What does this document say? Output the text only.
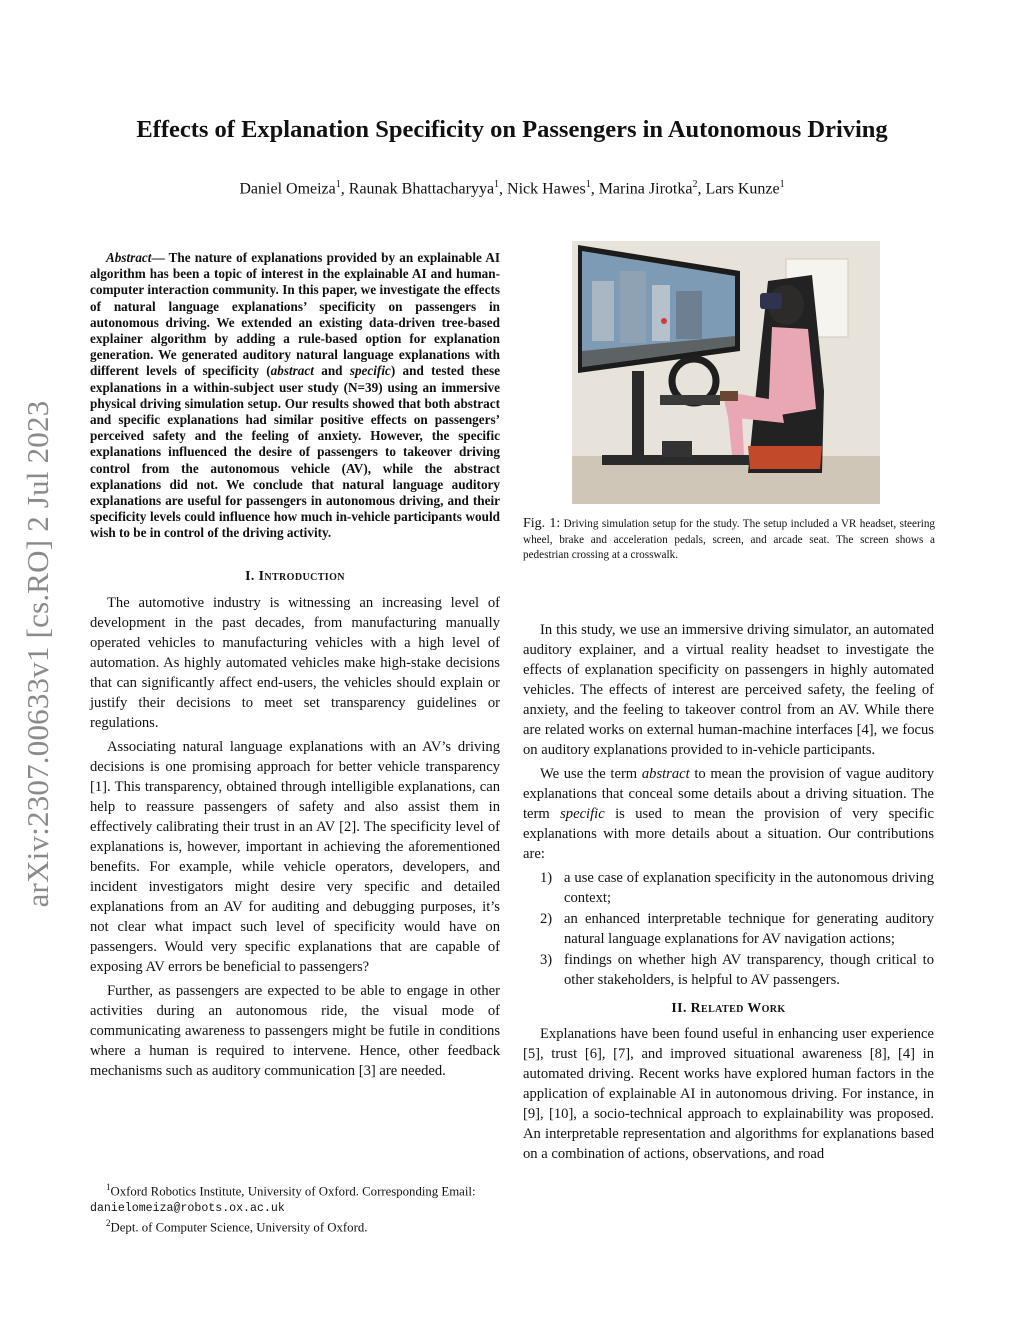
arXiv:2307.00633v1 [cs.RO] 2 Jul 2023
Effects of Explanation Specificity on Passengers in Autonomous Driving
Daniel Omeiza$^1$, Raunak Bhattacharyya$^1$, Nick Hawes$^1$, Marina Jirotka$^2$, Lars Kunze$^1$

Abstract— The nature of explanations provided by an explainable AI algorithm has been a topic of interest in the explainable AI and human-computer interaction community. In this paper, we investigate the effects of natural language explanations’ specificity on passengers in autonomous driving. We extended an existing data-driven tree-based explainer algorithm by adding a rule-based option for explanation generation. We generated auditory natural language explanations with different levels of specificity (abstract and specific) and tested these explanations in a within-subject user study (N=39) using an immersive physical driving simulation setup. Our results showed that both abstract and specific explanations had similar positive effects on passengers’ perceived safety and the feeling of anxiety. However, the specific explanations influenced the desire of passengers to takeover driving control from the autonomous vehicle (AV), while the abstract explanations did not. We conclude that natural language auditory explanations are useful for passengers in autonomous driving, and their specificity levels could influence how much in-vehicle participants would wish to be in control of the driving activity.

I. Introduction

The automotive industry is witnessing an increasing level of development in the past decades, from manufacturing manually operated vehicles to manufacturing vehicles with a high level of automation. As highly automated vehicles make high-stake decisions that can significantly affect end-users, the vehicles should explain or justify their decisions to meet set transparency guidelines or regulations.

Associating natural language explanations with an AV’s driving decisions is one promising approach for better vehicle transparency [1]. This transparency, obtained through intelligible explanations, can help to reassure passengers of safety and also assist them in effectively calibrating their trust in an AV [2]. The specificity level of explanations is, however, important in achieving the aforementioned benefits. For example, while vehicle operators, developers, and incident investigators might desire very specific and detailed explanations from an AV for auditing and debugging purposes, it’s not clear what impact such level of specificity would have on passengers. Would very specific explanations that are capable of exposing AV errors be beneficial to passengers?

Further, as passengers are expected to be able to engage in other activities during an autonomous ride, the visual mode of communicating awareness to passengers might be futile in conditions where a human is required to intervene. Hence, other feedback mechanisms such as auditory communication [3] are needed.

$^1$Oxford Robotics Institute, University of Oxford. Corresponding Email:
danielomeiza@robots.ox.ac.uk
$^2$Dept. of Computer Science, University of Oxford.
Fig. 1: Driving simulation setup for the study. The setup included a VR headset, steering wheel, brake and acceleration pedals, screen, and arcade seat. The screen shows a pedestrian crossing at a crosswalk.

In this study, we use an immersive driving simulator, an automated auditory explainer, and a virtual reality headset to investigate the effects of explanation specificity on passengers in highly automated vehicles. The effects of interest are perceived safety, the feeling of anxiety, and the feeling to takeover control from an AV. While there are related works on external human-machine interfaces [4], we focus on auditory explanations provided to in-vehicle participants.

We use the term abstract to mean the provision of vague auditory explanations that conceal some details about a driving situation. The term specific is used to mean the provision of very specific explanations with more details about a situation. Our contributions are:

1) a use case of explanation specificity in the autonomous driving context;
2) an enhanced interpretable technique for generating auditory natural language explanations for AV navigation actions;
3) findings on whether high AV transparency, though critical to other stakeholders, is helpful to AV passengers.
II. Related Work

Explanations have been found useful in enhancing user experience [5], trust [6], [7], and improved situational awareness [8], [4] in automated driving. Recent works have explored human factors in the application of explainable AI in autonomous driving. For instance, in [9], [10], a socio-technical approach to explainability was proposed. An interpretable representation and algorithms for explanations based on a combination of actions, observations, and road
